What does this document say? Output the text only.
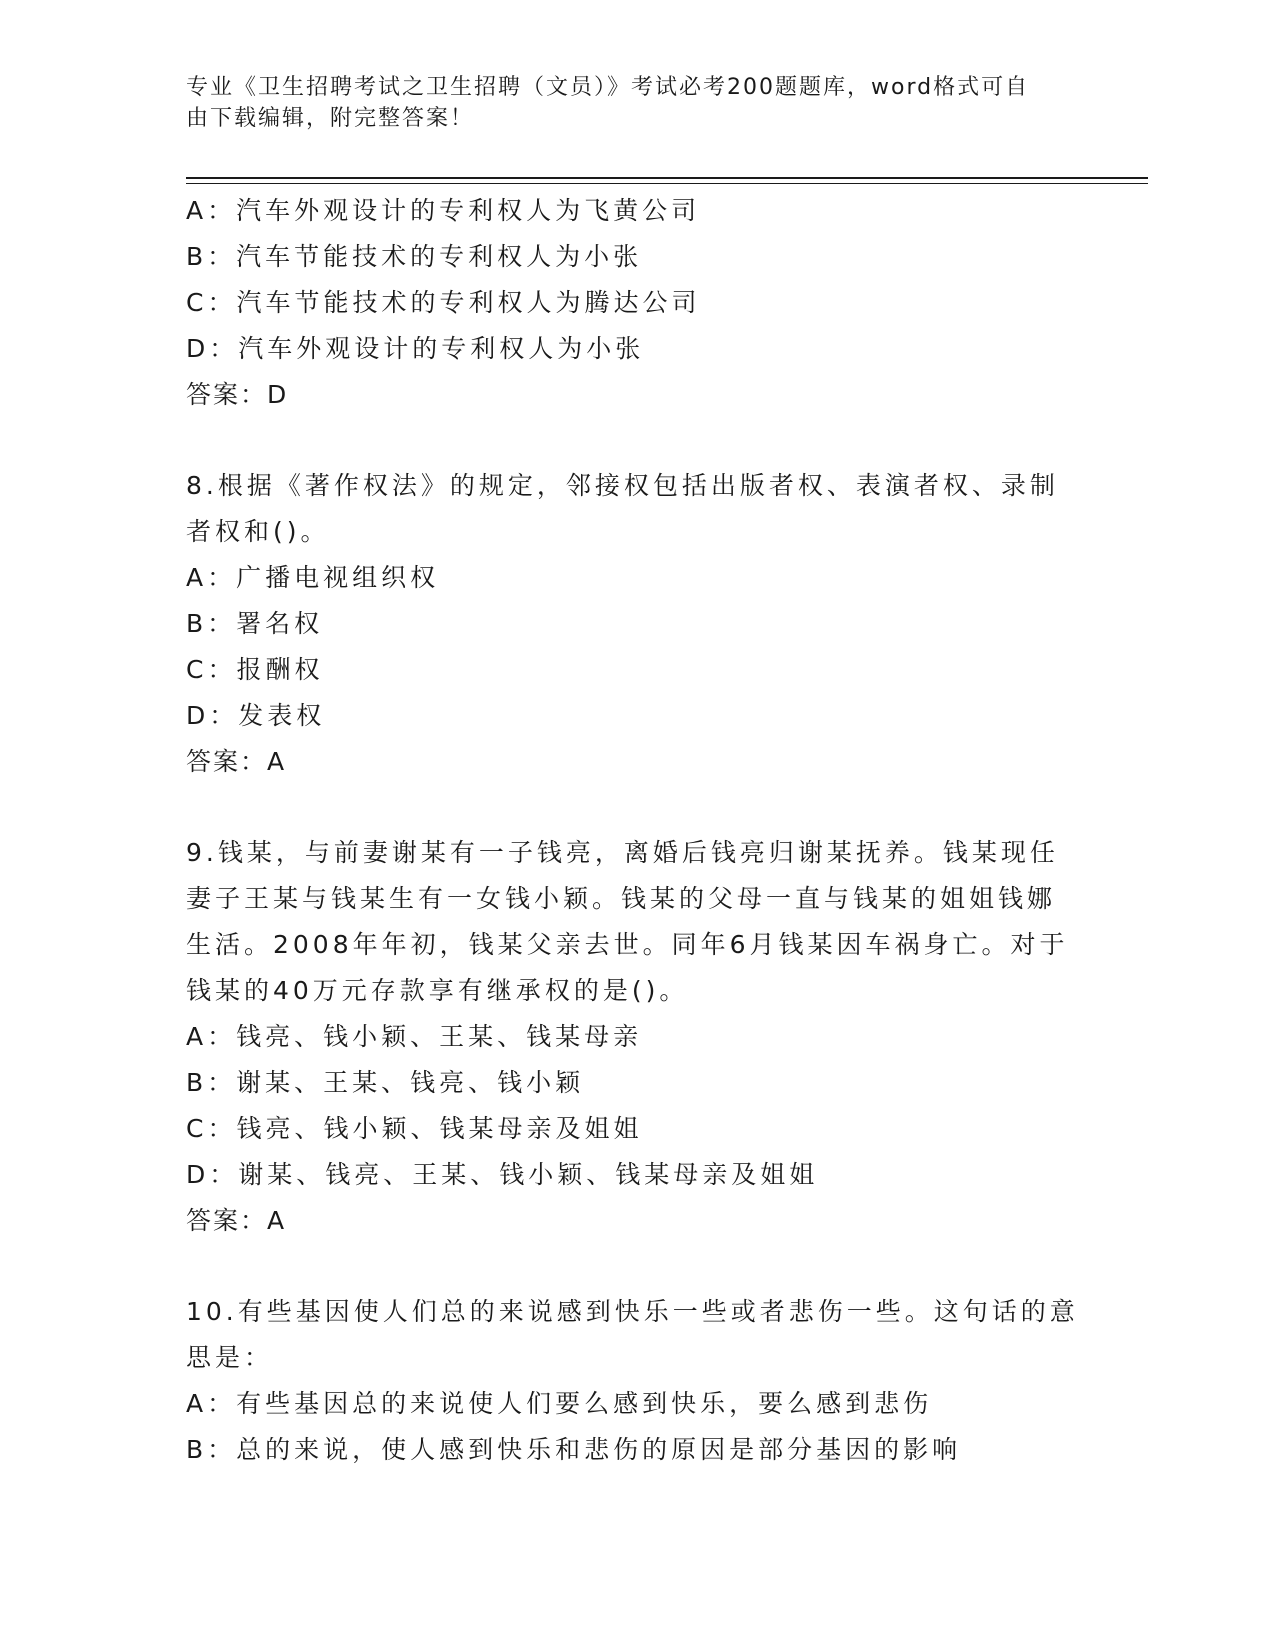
专业《卫生招聘考试之卫生招聘（文员）》考试必考200题题库，word格式可自
由下载编辑，附完整答案！
A：汽车外观设计的专利权人为飞黄公司
B：汽车节能技术的专利权人为小张
C：汽车节能技术的专利权人为腾达公司
D：汽车外观设计的专利权人为小张
答案：D
8.根据《著作权法》的规定，邻接权包括出版者权、表演者权、录制
者权和()。
A：广播电视组织权
B：署名权
C：报酬权
D：发表权
答案：A
9.钱某，与前妻谢某有一子钱亮，离婚后钱亮归谢某抚养。钱某现任
妻子王某与钱某生有一女钱小颖。钱某的父母一直与钱某的姐姐钱娜
生活。2008年年初，钱某父亲去世。同年6月钱某因车祸身亡。对于
钱某的40万元存款享有继承权的是()。
A：钱亮、钱小颖、王某、钱某母亲
B：谢某、王某、钱亮、钱小颖
C：钱亮、钱小颖、钱某母亲及姐姐
D：谢某、钱亮、王某、钱小颖、钱某母亲及姐姐
答案：A
10.有些基因使人们总的来说感到快乐一些或者悲伤一些。这句话的意
思是：
A：有些基因总的来说使人们要么感到快乐，要么感到悲伤
B：总的来说，使人感到快乐和悲伤的原因是部分基因的影响
